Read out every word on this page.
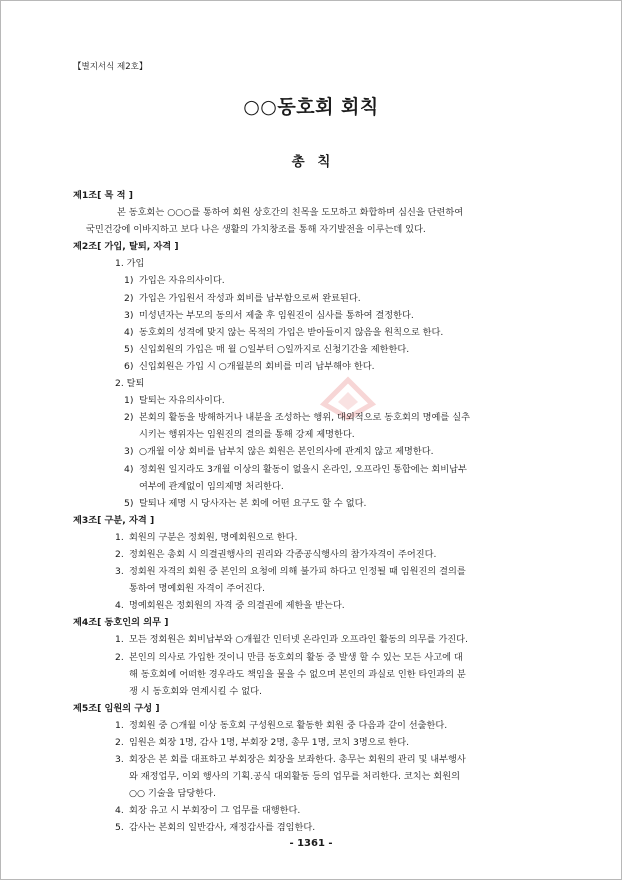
【별지서식 제2호】
○○동호회 회칙
총 칙
제1조[ 목 적 ]
본 동호회는 ○○○를 통하여 회원 상호간의 친목을 도모하고 화합하며 심신을 단련하여
국민건강에 이바지하고 보다 나은 생활의 가치창조를 통해 자기발전을 이루는데 있다.
제2조[ 가입, 탈퇴, 자격 ]
1. 가입
1) 가입은 자유의사이다.
2) 가입은 가입원서 작성과 회비를 납부함으로써 완료된다.
3) 미성년자는 부모의 동의서 제출 후 임원진이 심사를 통하여 결정한다.
4) 동호회의 성격에 맞지 않는 목적의 가입은 받아들이지 않음을 원칙으로 한다.
5) 신입회원의 가입은 매 월 ○일부터 ○일까지로 신청기간을 제한한다.
6) 신입회원은 가입 시 ○개월분의 회비를 미리 납부해야 한다.
2. 탈퇴
1) 탈퇴는 자유의사이다.
2) 본회의 활동을 방해하거나 내분을 조성하는 행위, 대외적으로 동호회의 명예를 실추
시키는 행위자는 임원진의 결의를 통해 강제 제명한다.
3) ○개월 이상 회비를 납부치 않은 회원은 본인의사에 관계치 않고 제명한다.
4) 정회원 일지라도 3개월 이상의 활동이 없을시 온라인, 오프라인 통합에는 회비납부
여부에 관계없이 임의제명 처리한다.
5) 탈퇴나 제명 시 당사자는 본 회에 어떤 요구도 할 수 없다.
제3조[ 구분, 자격 ]
1. 회원의 구분은 정회원, 명예회원으로 한다.
2. 정회원은 총회 시 의결권행사의 권리와 각종공식행사의 참가자격이 주어진다.
3. 정회원 자격의 회원 중 본인의 요청에 의해 불가피 하다고 인정될 때 임원진의 결의를
통하여 명예회원 자격이 주어진다.
4. 명예회원은 정회원의 자격 중 의결권에 제한을 받는다.
제4조[ 동호인의 의무 ]
1. 모든 정회원은 회비납부와 ○개월간 인터넷 온라인과 오프라인 활동의 의무를 가진다.
2. 본인의 의사로 가입한 것이니 만큼 동호회의 활동 중 발생 할 수 있는 모든 사고에 대
해 동호회에 어떠한 경우라도 책임을 물을 수 없으며 본인의 과실로 인한 타인과의 분
쟁 시 동호회와 연계시킬 수 없다.
제5조[ 임원의 구성 ]
1. 정회원 중 ○개월 이상 동호회 구성원으로 활동한 회원 중 다음과 같이 선출한다.
2. 임원은 회장 1명, 감사 1명, 부회장 2명, 총무 1명, 코치 3명으로 한다.
3. 회장은 본 회를 대표하고 부회장은 회장을 보좌한다. 총무는 회원의 관리 및 내부행사
와 재정업무, 이외 행사의 기획․공식 대외활동 등의 업무를 처리한다. 코치는 회원의
○○ 기술을 담당한다.
4. 회장 유고 시 부회장이 그 업무를 대행한다.
5. 감사는 본회의 일반감사, 재정감사를 겸임한다.
- 1361 -
